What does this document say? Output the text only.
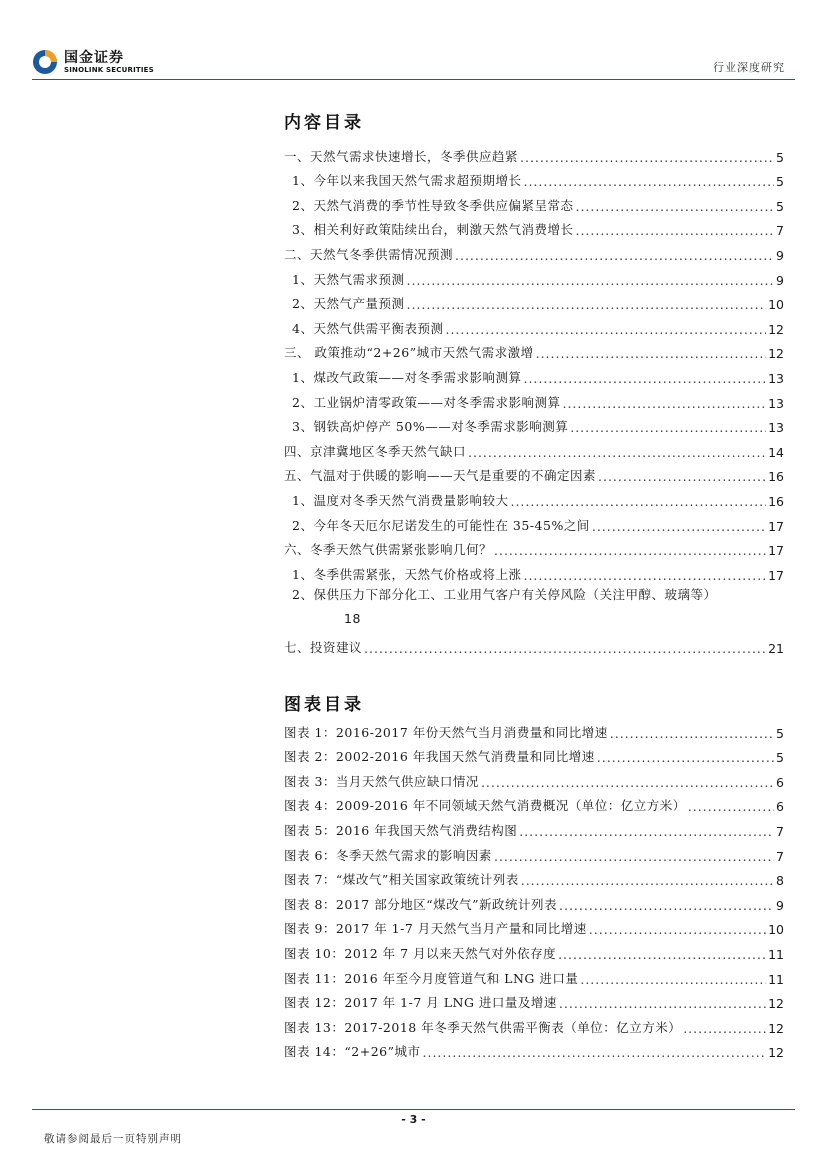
国金证券
SINOLINK SECURITIES	行业深度研究
内容目录
一、天然气需求快速增长，冬季供应趋紧 .....	5
1、今年以来我国天然气需求超预期增长 .....	5
2、天然气消费的季节性导致冬季供应偏紧呈常态 .....	5
3、相关利好政策陆续出台，刺激天然气消费增长 .....	7
二、天然气冬季供需情况预测 .....	9
1、天然气需求预测 .....	9
2、天然气产量预测 .....	10
4、天然气供需平衡表预测 .....	12
三、 政策推动“2+26”城市天然气需求激增 .....	12
1、煤改气政策——对冬季需求影响测算 .....	13
2、工业锅炉清零政策——对冬季需求影响测算 .....	13
3、钢铁高炉停产 50%——对冬季需求影响测算 .....	13
四、京津冀地区冬季天然气缺口 .....	14
五、气温对于供暖的影响——天气是重要的不确定因素 .....	16
1、温度对冬季天然气消费量影响较大 .....	16
2、今年冬天厄尔尼诺发生的可能性在 35-45%之间 .....	17
六、冬季天然气供需紧张影响几何？ .....	17
1、冬季供需紧张，天然气价格或将上涨 .....	17
2、保供压力下部分化工、工业用气客户有关停风险（关注甲醇、玻璃等）
18
七、投资建议 .....	21
图表目录
图表 1：2016-2017 年份天然气当月消费量和同比增速 .....	5
图表 2：2002-2016 年我国天然气消费量和同比增速 .....	5
图表 3：当月天然气供应缺口情况 .....	6
图表 4：2009-2016 年不同领域天然气消费概况（单位：亿立方米） .....	6
图表 5：2016 年我国天然气消费结构图 .....	7
图表 6：冬季天然气需求的影响因素 .....	7
图表 7：“煤改气”相关国家政策统计列表 .....	8
图表 8：2017 部分地区“煤改气”新政统计列表 .....	9
图表 9：2017 年 1-7 月天然气当月产量和同比增速 .....	10
图表 10：2012 年 7 月以来天然气对外依存度 .....	11
图表 11：2016 年至今月度管道气和 LNG 进口量 .....	11
图表 12：2017 年 1-7 月 LNG 进口量及增速 .....	12
图表 13：2017-2018 年冬季天然气供需平衡表（单位：亿立方米） .....	12
图表 14：“2+26”城市 .....	12
- 3 -
敬请参阅最后一页特别声明
